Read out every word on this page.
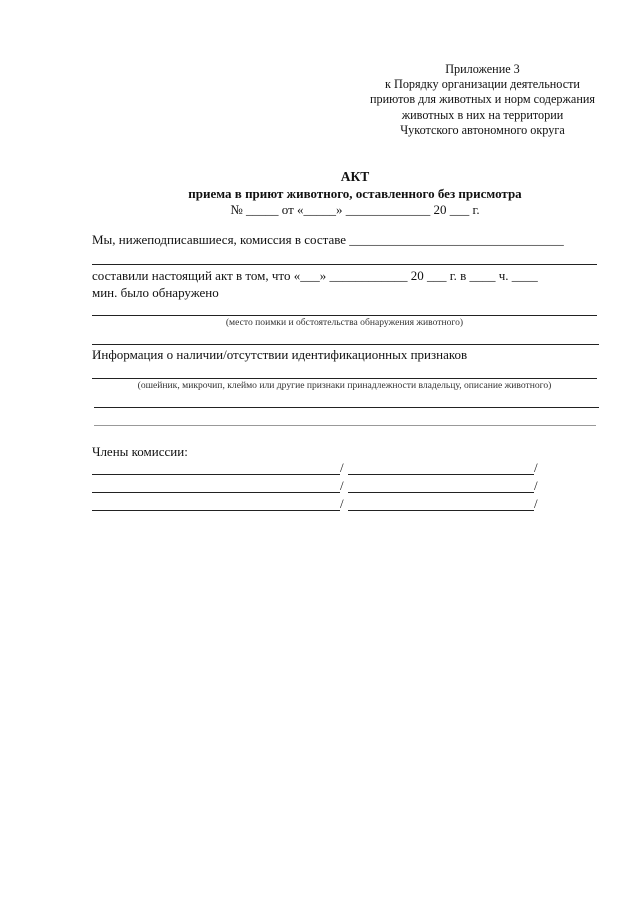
Приложение 3
к Порядку организации деятельности
приютов для животных и норм содержания
животных в них на территории
Чукотского автономного округа
АКТ
приема в приют животного, оставленного без присмотра
№ _____ от «_____» _____________ 20 ___ г.
Мы, нижеподписавшиеся, комиссия в составе _________________________________
составили настоящий акт в том, что «___» ____________ 20 ___ г. в ____ ч. ____
мин. было обнаружено
(место поимки и обстоятельства обнаружения животного)
Информация о наличии/отсутствии идентификационных признаков
(ошейник, микрочип, клеймо или другие признаки принадлежности владельцу, описание животного)
Члены комиссии:
/	/
/	/
/	/
